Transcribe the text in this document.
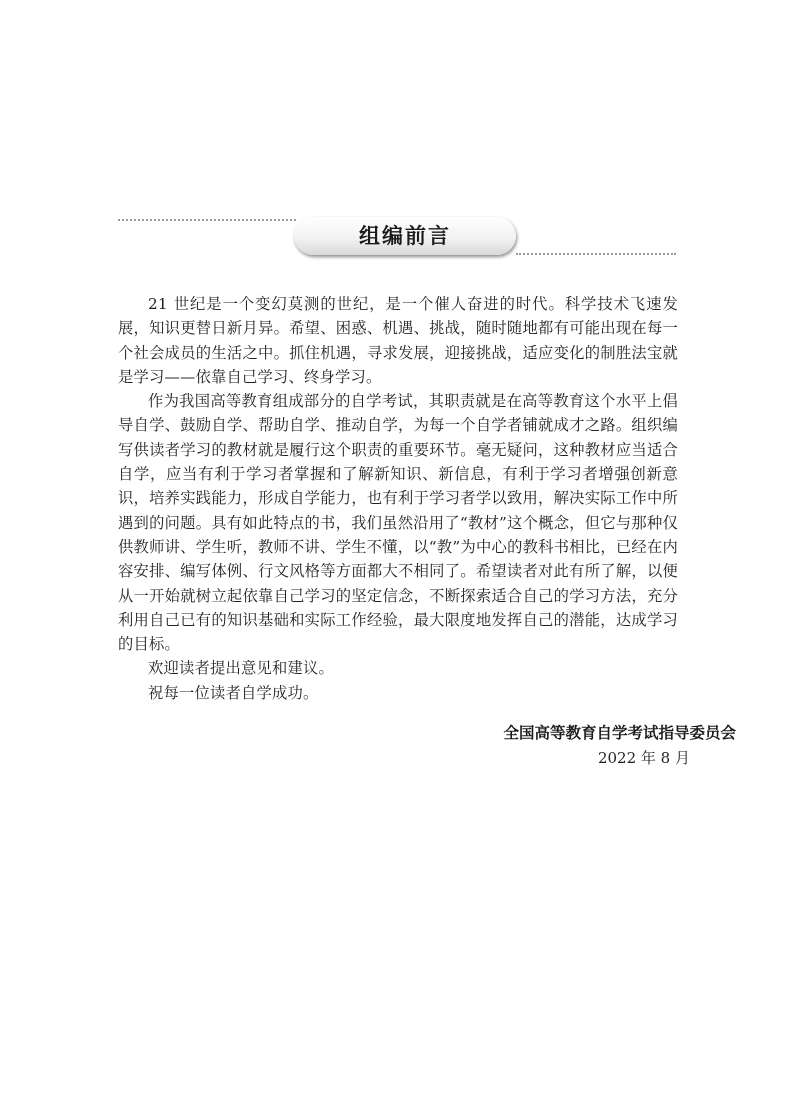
组编前言

21 世纪是一个变幻莫测的世纪，是一个催人奋进的时代。科学技术飞速发展，知识更替日新月异。希望、困惑、机遇、挑战，随时随地都有可能出现在每一个社会成员的生活之中。抓住机遇，寻求发展，迎接挑战，适应变化的制胜法宝就是学习——依靠自己学习、终身学习。

作为我国高等教育组成部分的自学考试，其职责就是在高等教育这个水平上倡导自学、鼓励自学、帮助自学、推动自学，为每一个自学者铺就成才之路。组织编写供读者学习的教材就是履行这个职责的重要环节。毫无疑问，这种教材应当适合自学，应当有利于学习者掌握和了解新知识、新信息，有利于学习者增强创新意识，培养实践能力，形成自学能力，也有利于学习者学以致用，解决实际工作中所遇到的问题。具有如此特点的书，我们虽然沿用了“教材”这个概念，但它与那种仅供教师讲、学生听，教师不讲、学生不懂，以“教”为中心的教科书相比，已经在内容安排、编写体例、行文风格等方面都大不相同了。希望读者对此有所了解，以便从一开始就树立起依靠自己学习的坚定信念，不断探索适合自己的学习方法，充分利用自己已有的知识基础和实际工作经验，最大限度地发挥自己的潜能，达成学习的目标。

欢迎读者提出意见和建议。

祝每一位读者自学成功。

全国高等教育自学考试指导委员会
2022 年 8 月
